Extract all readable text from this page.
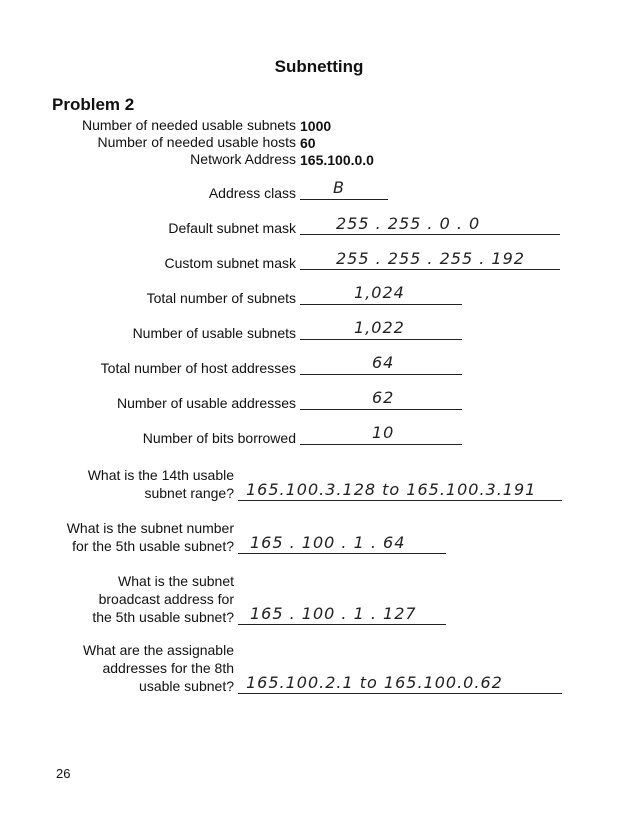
Subnetting
Problem 2
Number of needed usable subnets 1000
Number of needed usable hosts 60
Network Address 165.100.0.0
Address class B
Default subnet mask	255 . 255 . 0 . 0
Custom subnet mask	255 . 255 . 255 . 192
Total number of subnets	1,024
Number of usable subnets	1,022
Total number of host addresses	64
Number of usable addresses	62
Number of bits borrowed	10
What is the 14th usable
subnet range? 165.100.3.128 to 165.100.3.191
What is the subnet number
for the 5th usable subnet? 165 . 100 . 1 . 64
What is the subnet
broadcast address for
the 5th usable subnet? 165 . 100 . 1 . 127
What are the assignable
addresses for the 8th
usable subnet? 165.100.2.1 to 165.100.0.62
26
